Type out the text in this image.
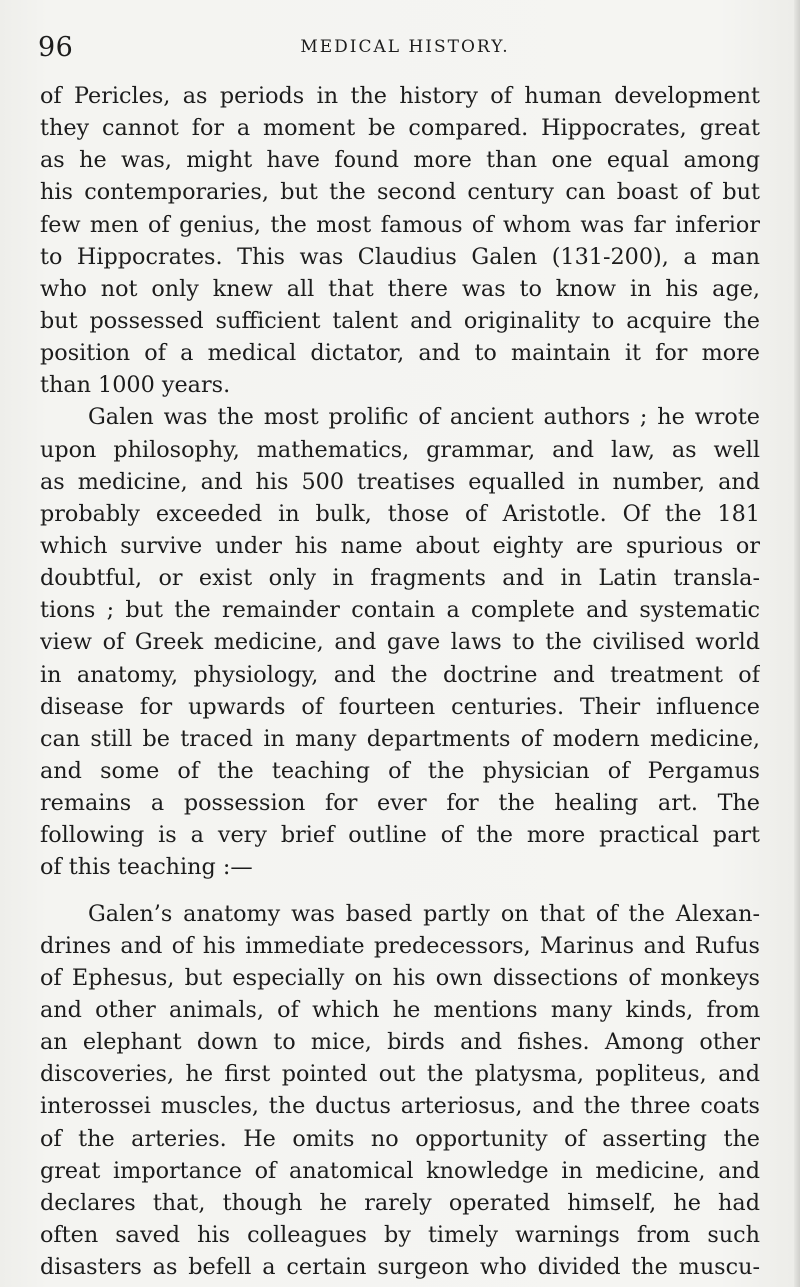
96	MEDICAL HISTORY.
of Pericles, as periods in the history of human development
they cannot for a moment be compared. Hippocrates, great
as he was, might have found more than one equal among
his contemporaries, but the second century can boast of but
few men of genius, the most famous of whom was far inferior
to Hippocrates. This was Claudius Galen (131-200), a man
who not only knew all that there was to know in his age,
but possessed sufficient talent and originality to acquire the
position of a medical dictator, and to maintain it for more
than 1000 years.
Galen was the most prolific of ancient authors ; he wrote
upon philosophy, mathematics, grammar, and law, as well
as medicine, and his 500 treatises equalled in number, and
probably exceeded in bulk, those of Aristotle. Of the 181
which survive under his name about eighty are spurious or
doubtful, or exist only in fragments and in Latin transla-
tions ; but the remainder contain a complete and systematic
view of Greek medicine, and gave laws to the civilised world
in anatomy, physiology, and the doctrine and treatment of
disease for upwards of fourteen centuries. Their influence
can still be traced in many departments of modern medicine,
and some of the teaching of the physician of Pergamus
remains a possession for ever for the healing art. The
following is a very brief outline of the more practical part
of this teaching :—
Galen’s anatomy was based partly on that of the Alexan-
drines and of his immediate predecessors, Marinus and Rufus
of Ephesus, but especially on his own dissections of monkeys
and other animals, of which he mentions many kinds, from
an elephant down to mice, birds and fishes. Among other
discoveries, he first pointed out the platysma, popliteus, and
interossei muscles, the ductus arteriosus, and the three coats
of the arteries. He omits no opportunity of asserting the
great importance of anatomical knowledge in medicine, and
declares that, though he rarely operated himself, he had
often saved his colleagues by timely warnings from such
disasters as befell a certain surgeon who divided the muscu-
